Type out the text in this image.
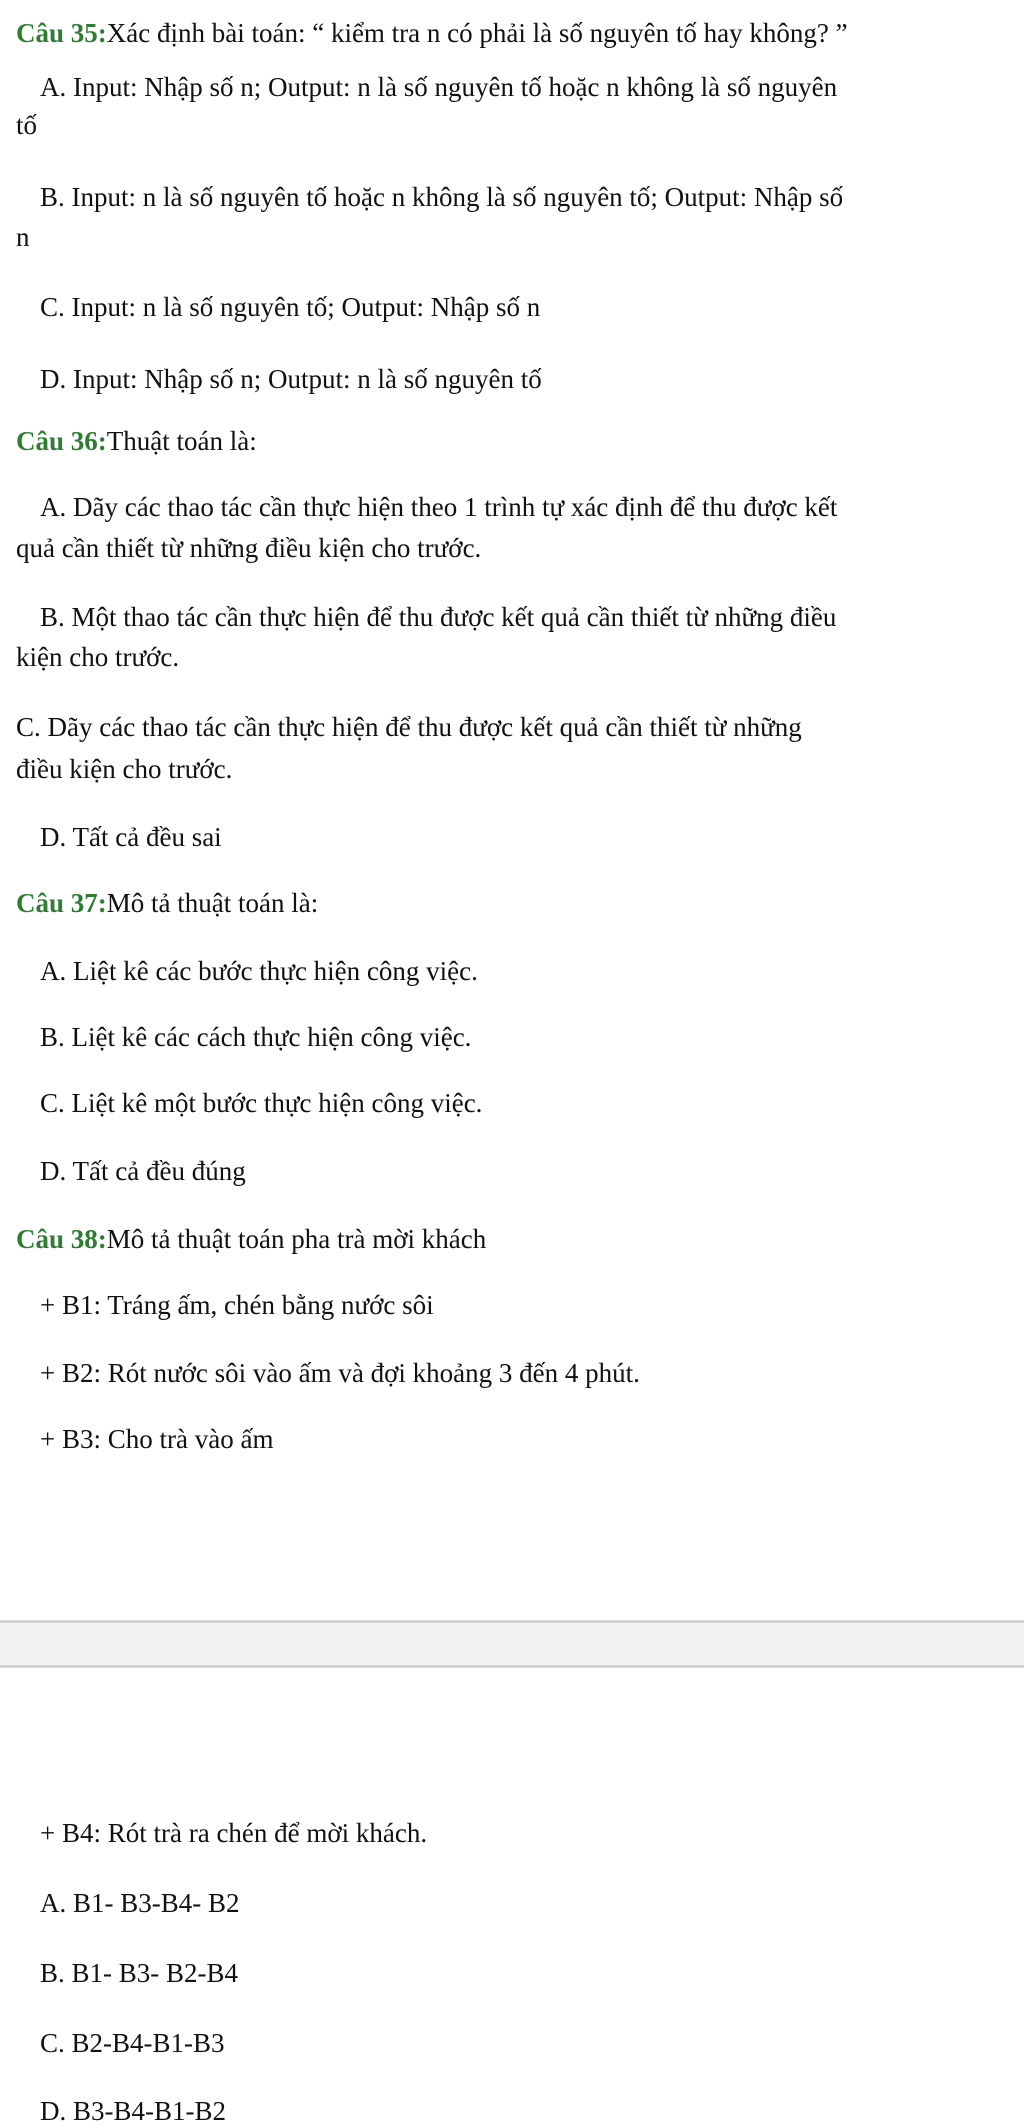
Câu 35:Xác định bài toán: “ kiểm tra n có phải là số nguyên tố hay không? ”
A. Input: Nhập số n; Output: n là số nguyên tố hoặc n không là số nguyên
tố
B. Input: n là số nguyên tố hoặc n không là số nguyên tố; Output: Nhập số
n
C. Input: n là số nguyên tố; Output: Nhập số n
D. Input: Nhập số n; Output: n là số nguyên tố
Câu 36:Thuật toán là:
A. Dãy các thao tác cần thực hiện theo 1 trình tự xác định để thu được kết
quả cần thiết từ những điều kiện cho trước.
B. Một thao tác cần thực hiện để thu được kết quả cần thiết từ những điều
kiện cho trước.
C. Dãy các thao tác cần thực hiện để thu được kết quả cần thiết từ những
điều kiện cho trước.
D. Tất cả đều sai
Câu 37:Mô tả thuật toán là:
A. Liệt kê các bước thực hiện công việc.
B. Liệt kê các cách thực hiện công việc.
C. Liệt kê một bước thực hiện công việc.
D. Tất cả đều đúng
Câu 38:Mô tả thuật toán pha trà mời khách
+ B1: Tráng ấm, chén bằng nước sôi
+ B2: Rót nước sôi vào ấm và đợi khoảng 3 đến 4 phút.
+ B3: Cho trà vào ấm
+ B4: Rót trà ra chén để mời khách.
A. B1- B3-B4- B2
B. B1- B3- B2-B4
C. B2-B4-B1-B3
D. B3-B4-B1-B2
